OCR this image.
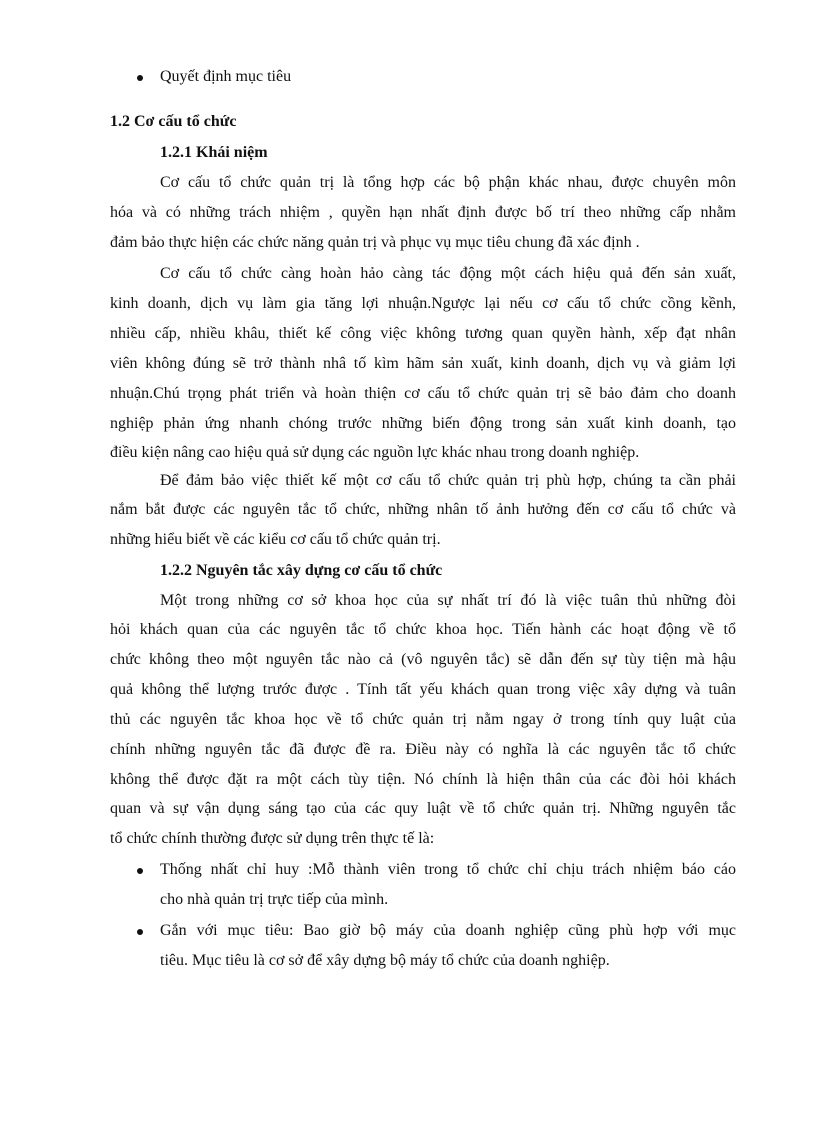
Quyết định mục tiêu
1.2 Cơ cấu tổ chức
1.2.1 Khái niệm
Cơ cấu tổ chức quản trị là tổng hợp các bộ phận khác nhau, được chuyên môn
hóa và có những trách nhiệm , quyền hạn nhất định được bố trí theo những cấp nhằm
đảm bảo thực hiện các chức năng quản trị và phục vụ mục tiêu chung đã xác định .
Cơ cấu tổ chức càng hoàn hảo càng tác động một cách hiệu quả đến sản xuất,
kinh doanh, dịch vụ làm gia tăng lợi nhuận.Ngược lại nếu cơ cấu tổ chức cồng kềnh,
nhiều cấp, nhiều khâu, thiết kế công việc không tương quan quyền hành, xếp đạt nhân
viên không đúng sẽ trở thành nhâ tố kìm hãm sản xuất, kinh doanh, dịch vụ và giảm lợi
nhuận.Chú trọng phát triển và hoàn thiện cơ cấu tổ chức quản trị sẽ bảo đảm cho doanh
nghiệp phản ứng nhanh chóng trước những biến động trong sản xuất kinh doanh, tạo
điều kiện nâng cao hiệu quả sử dụng các nguồn lực khác nhau trong doanh nghiệp.
Để đảm bảo việc thiết kế một cơ cấu tổ chức quản trị phù hợp, chúng ta cần phải
nắm bắt được các nguyên tắc tổ chức, những nhân tố ảnh hưởng đến cơ cấu tổ chức và
những hiểu biết về các kiểu cơ cấu tổ chức quản trị.
1.2.2 Nguyên tắc xây dựng cơ cấu tổ chức
Một trong những cơ sở khoa học của sự nhất trí đó là việc tuân thủ những đòi
hỏi khách quan của các nguyên tắc tổ chức khoa học. Tiến hành các hoạt động về tổ
chức không theo một nguyên tắc nào cả (vô nguyên tắc) sẽ dẫn đến sự tùy tiện mà hậu
quả không thể lượng trước được . Tính tất yếu khách quan trong việc xây dựng và tuân
thủ các nguyên tắc khoa học về tổ chức quản trị nằm ngay ở trong tính quy luật của
chính những nguyên tắc đã được đề ra. Điều này có nghĩa là các nguyên tắc tổ chức
không thể được đặt ra một cách tùy tiện. Nó chính là hiện thân của các đòi hỏi khách
quan và sự vận dụng sáng tạo của các quy luật về tổ chức quản trị. Những nguyên tắc
tổ chức chính thường được sử dụng trên thực tế là:
Thống nhất chỉ huy :Mỗ thành viên trong tổ chức chỉ chịu trách nhiệm báo cáo
cho nhà quản trị trực tiếp của mình.
Gắn với mục tiêu: Bao giờ bộ máy của doanh nghiệp cũng phù hợp với mục
tiêu. Mục tiêu là cơ sở để xây dựng bộ máy tổ chức của doanh nghiệp.
